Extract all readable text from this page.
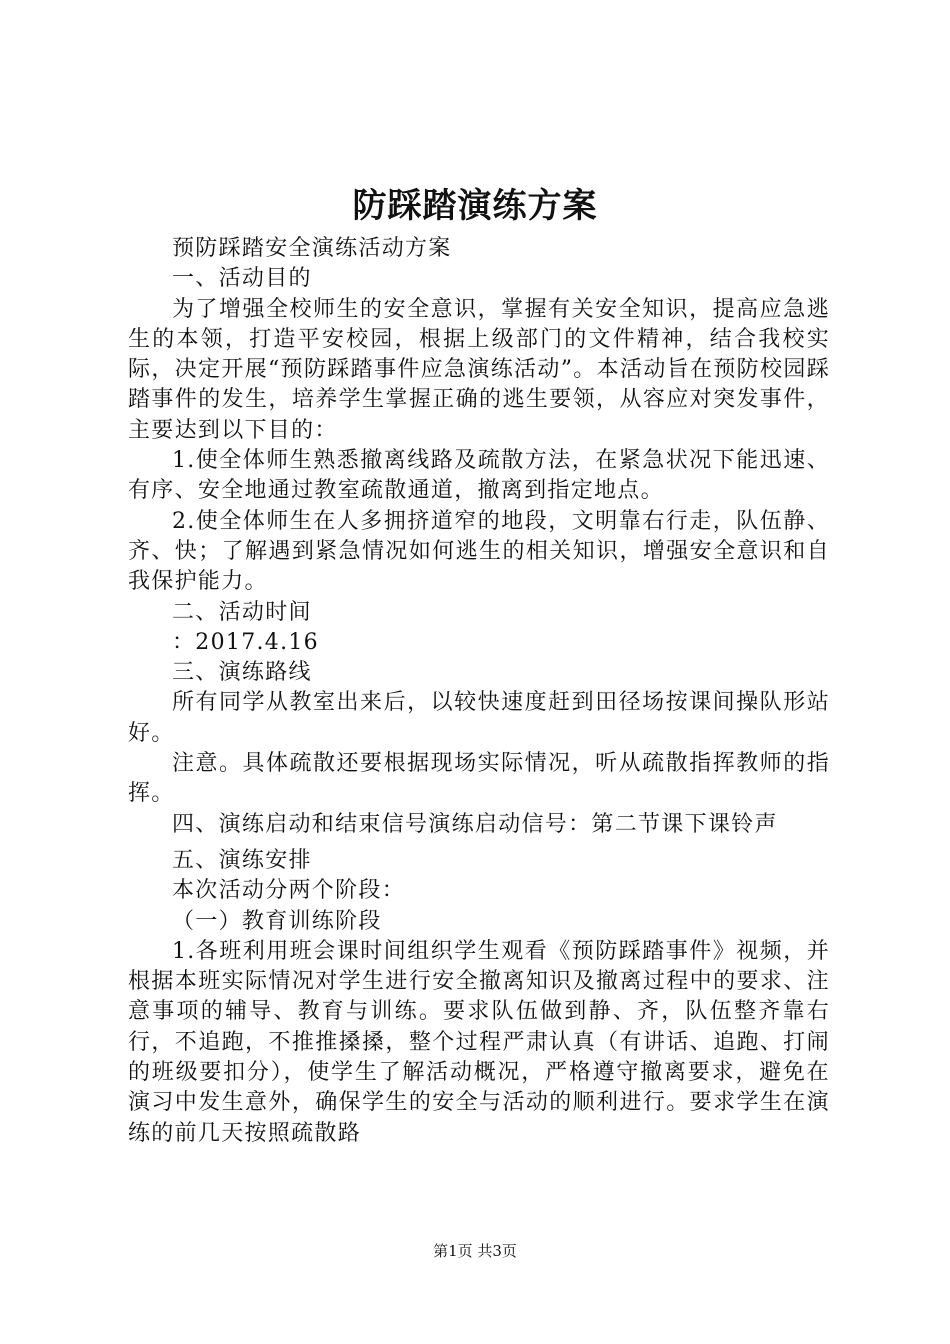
防踩踏演练方案

预防踩踏安全演练活动方案

一、活动目的

为了增强全校师生的安全意识，掌握有关安全知识，提高应急逃生的本领，打造平安校园，根据上级部门的文件精神，结合我校实际，决定开展“预防踩踏事件应急演练活动”。本活动旨在预防校园踩踏事件的发生，培养学生掌握正确的逃生要领，从容应对突发事件，主要达到以下目的：

1.使全体师生熟悉撤离线路及疏散方法，在紧急状况下能迅速、有序、安全地通过教室疏散通道，撤离到指定地点。

2.使全体师生在人多拥挤道窄的地段，文明靠右行走，队伍静、齐、快；了解遇到紧急情况如何逃生的相关知识，增强安全意识和自我保护能力。

二、活动时间

：2017.4.16

三、演练路线

所有同学从教室出来后，以较快速度赶到田径场按课间操队形站好。

注意。具体疏散还要根据现场实际情况，听从疏散指挥教师的指挥。

四、演练启动和结束信号演练启动信号：第二节课下课铃声

五、演练安排

本次活动分两个阶段：

（一）教育训练阶段

1.各班利用班会课时间组织学生观看《预防踩踏事件》视频，并根据本班实际情况对学生进行安全撤离知识及撤离过程中的要求、注意事项的辅导、教育与训练。要求队伍做到静、齐，队伍整齐靠右行，不追跑，不推推搡搡，整个过程严肃认真（有讲话、追跑、打闹的班级要扣分），使学生了解活动概况，严格遵守撤离要求，避免在演习中发生意外，确保学生的安全与活动的顺利进行。要求学生在演练的前几天按照疏散路

第1页 共3页
